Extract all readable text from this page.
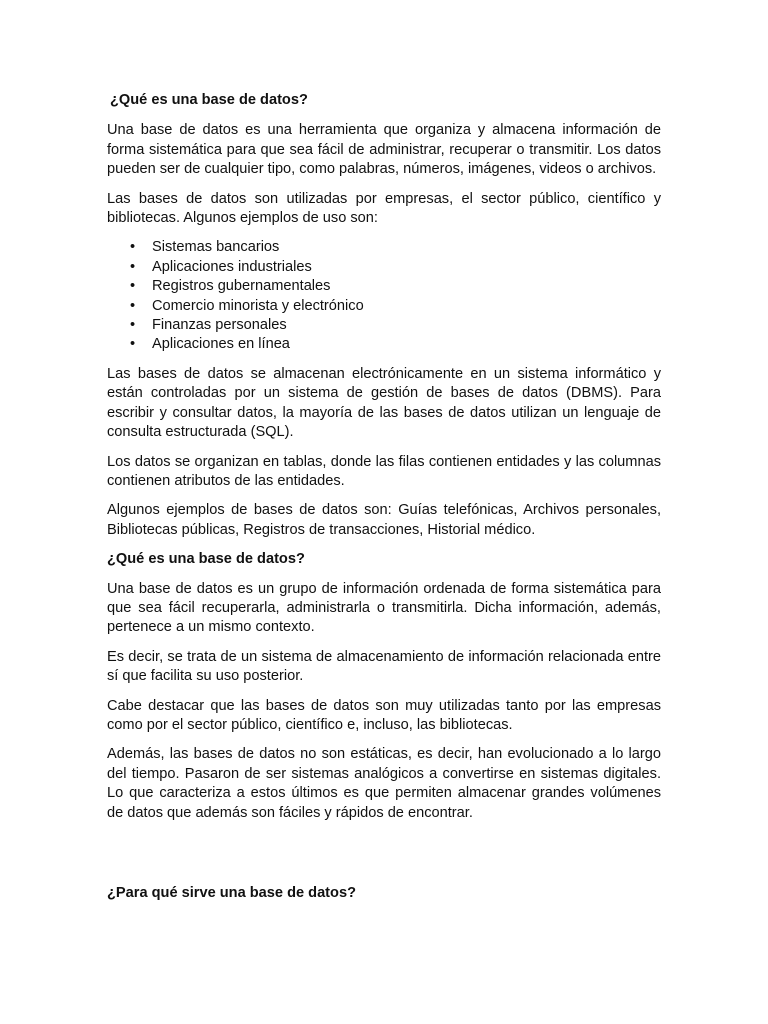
¿Qué es una base de datos?

Una base de datos es una herramienta que organiza y almacena información de forma sistemática para que sea fácil de administrar, recuperar o transmitir. Los datos pueden ser de cualquier tipo, como palabras, números, imágenes, videos o archivos.

Las bases de datos son utilizadas por empresas, el sector público, científico y bibliotecas. Algunos ejemplos de uso son:

• Sistemas bancarios
• Aplicaciones industriales
• Registros gubernamentales
• Comercio minorista y electrónico
• Finanzas personales
• Aplicaciones en línea

Las bases de datos se almacenan electrónicamente en un sistema informático y están controladas por un sistema de gestión de bases de datos (DBMS). Para escribir y consultar datos, la mayoría de las bases de datos utilizan un lenguaje de consulta estructurada (SQL).

Los datos se organizan en tablas, donde las filas contienen entidades y las columnas contienen atributos de las entidades.

Algunos ejemplos de bases de datos son: Guías telefónicas, Archivos personales, Bibliotecas públicas, Registros de transacciones, Historial médico.

¿Qué es una base de datos?

Una base de datos es un grupo de información ordenada de forma sistemática para que sea fácil recuperarla, administrarla o transmitirla. Dicha información, además, pertenece a un mismo contexto.

Es decir, se trata de un sistema de almacenamiento de información relacionada entre sí que facilita su uso posterior.

Cabe destacar que las bases de datos son muy utilizadas tanto por las empresas como por el sector público, científico e, incluso, las bibliotecas.

Además, las bases de datos no son estáticas, es decir, han evolucionado a lo largo del tiempo. Pasaron de ser sistemas analógicos a convertirse en sistemas digitales. Lo que caracteriza a estos últimos es que permiten almacenar grandes volúmenes de datos que además son fáciles y rápidos de encontrar.

¿Para qué sirve una base de datos?
